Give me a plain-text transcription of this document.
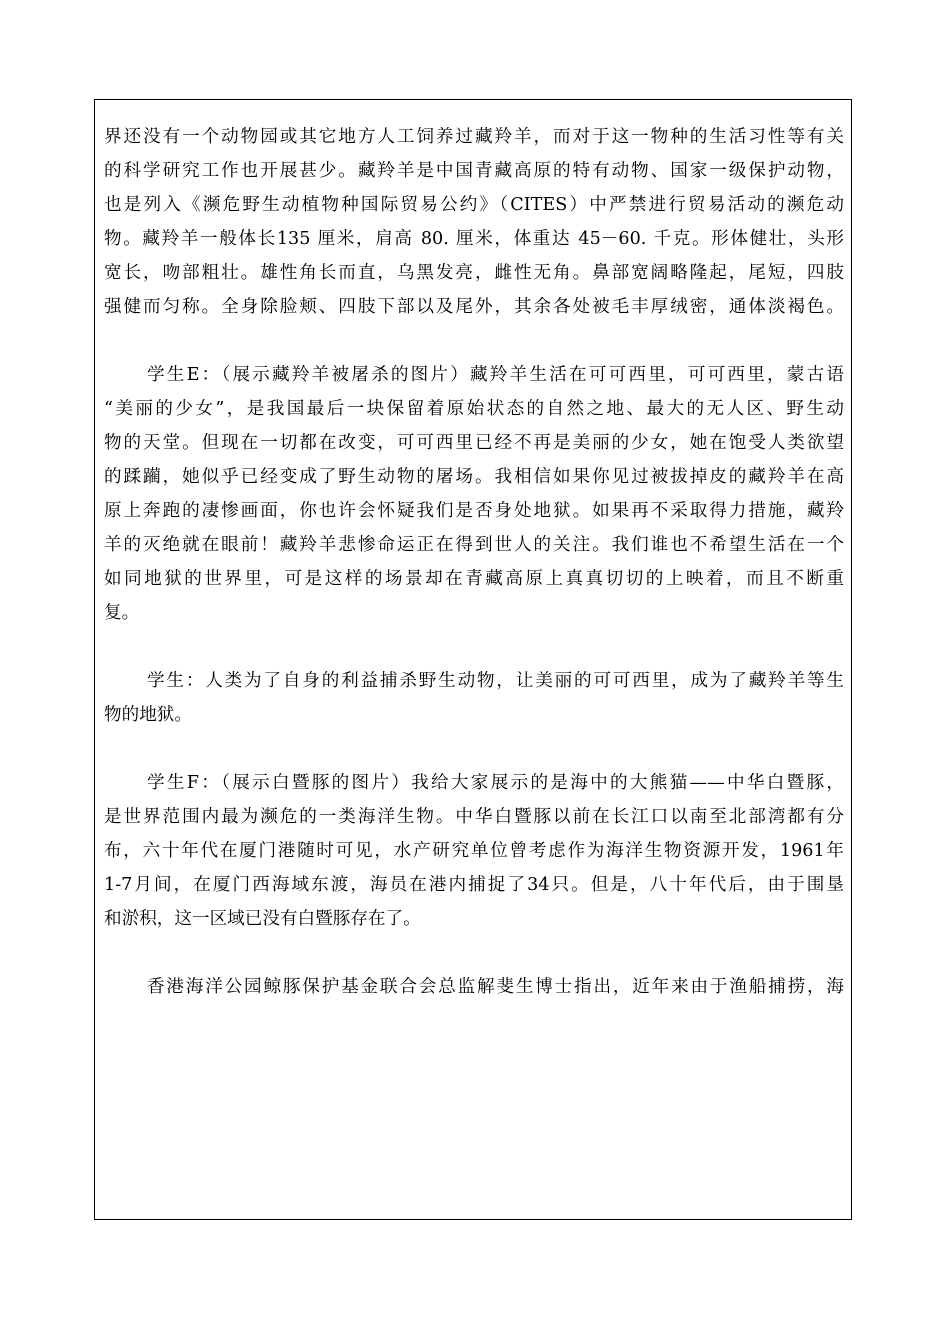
界还没有一个动物园或其它地方人工饲养过藏羚羊，而对于这一物种的生活习性等有关
的科学研究工作也开展甚少。藏羚羊是中国青藏高原的特有动物、国家一级保护动物，
也是列入《濒危野生动植物种国际贸易公约》（CITES）中严禁进行贸易活动的濒危动
物。藏羚羊一般体长135 厘米，肩高 80. 厘米，体重达 45－60. 千克。形体健壮，头形
宽长，吻部粗壮。雄性角长而直，乌黑发亮，雌性无角。鼻部宽阔略隆起，尾短，四肢
强健而匀称。全身除脸颊、四肢下部以及尾外，其余各处被毛丰厚绒密，通体淡褐色。
学生E：（展示藏羚羊被屠杀的图片）藏羚羊生活在可可西里，可可西里，蒙古语
“美丽的少女”，是我国最后一块保留着原始状态的自然之地、最大的无人区、野生动
物的天堂。但现在一切都在改变，可可西里已经不再是美丽的少女，她在饱受人类欲望
的蹂躏，她似乎已经变成了野生动物的屠场。我相信如果你见过被拔掉皮的藏羚羊在高
原上奔跑的凄惨画面，你也许会怀疑我们是否身处地狱。如果再不采取得力措施，藏羚
羊的灭绝就在眼前！藏羚羊悲惨命运正在得到世人的关注。我们谁也不希望生活在一个
如同地狱的世界里，可是这样的场景却在青藏高原上真真切切的上映着，而且不断重
复。
学生：人类为了自身的利益捕杀野生动物，让美丽的可可西里，成为了藏羚羊等生
物的地狱。
学生F：（展示白暨豚的图片）我给大家展示的是海中的大熊猫——中华白暨豚，
是世界范围内最为濒危的一类海洋生物。中华白暨豚以前在长江口以南至北部湾都有分
布，六十年代在厦门港随时可见，水产研究单位曾考虑作为海洋生物资源开发，1961年
1-7月间，在厦门西海域东渡，海员在港内捕捉了34只。但是，八十年代后，由于围垦
和淤积，这一区域已没有白暨豚存在了。
香港海洋公园鲸豚保护基金联合会总监解斐生博士指出，近年来由于渔船捕捞，海
